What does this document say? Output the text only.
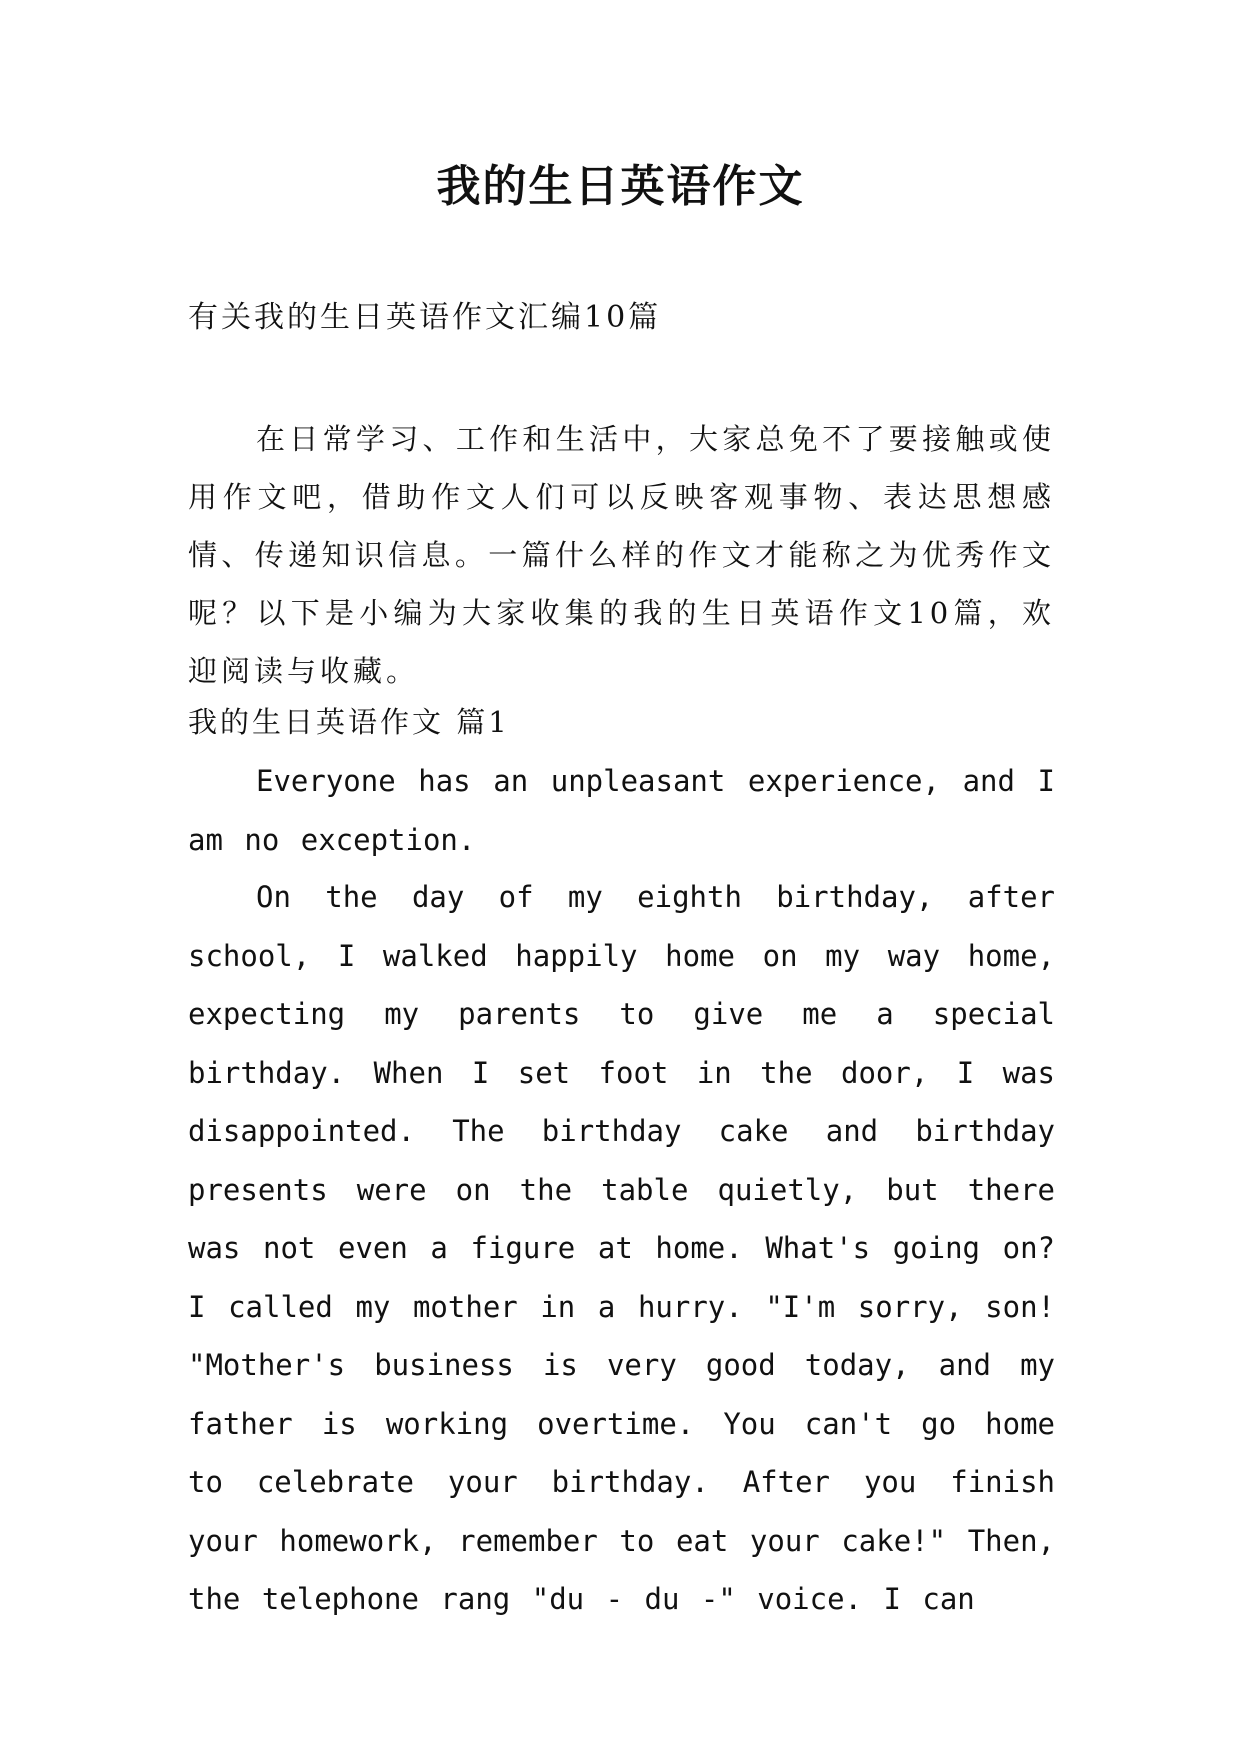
我的生日英语作文

有关我的生日英语作文汇编10篇

在日常学习、工作和生活中，大家总免不了要接触或使用作文吧，借助作文人们可以反映客观事物、表达思想感情、传递知识信息。一篇什么样的作文才能称之为优秀作文呢？以下是小编为大家收集的我的生日英语作文10篇，欢迎阅读与收藏。

我的生日英语作文 篇1

Everyone has an unpleasant experience, and I am no exception.

On the day of my eighth birthday, after school, I walked happily home on my way home, expecting my parents to give me a special birthday. When I set foot in the door, I was disappointed. The birthday cake and birthday presents were on the table quietly, but there was not even a figure at home. What's going on? I called my mother in a hurry. "I'm sorry, son! "Mother's business is very good today, and my father is working overtime. You can't go home to celebrate your birthday. After you finish your homework, remember to eat your cake!" Then, the telephone rang "du - du -" voice. I can
